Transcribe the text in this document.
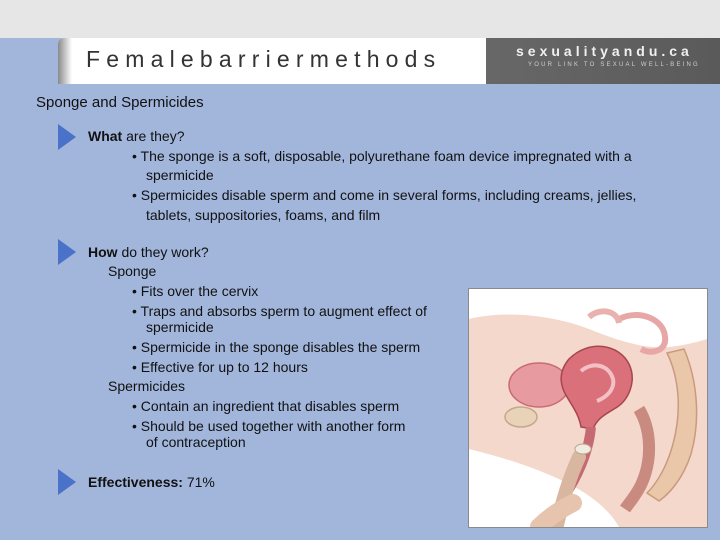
Femalebarriermethods	sexualityandu.ca
YOUR LINK TO SEXUAL WELL-BEING
Sponge and Spermicides
What are they?
• The sponge is a soft, disposable, polyurethane foam device impregnated with a
spermicide
• Spermicides disable sperm and come in several forms, including creams, jellies,
tablets, suppositories, foams, and film
How do they work?
Sponge
• Fits over the cervix
• Traps and absorbs sperm to augment effect of
spermicide
• Spermicide in the sponge disables the sperm
• Effective for up to 12 hours
Spermicides
• Contain an ingredient that disables sperm
• Should be used together with another form
of contraception
Effectiveness: 71%
